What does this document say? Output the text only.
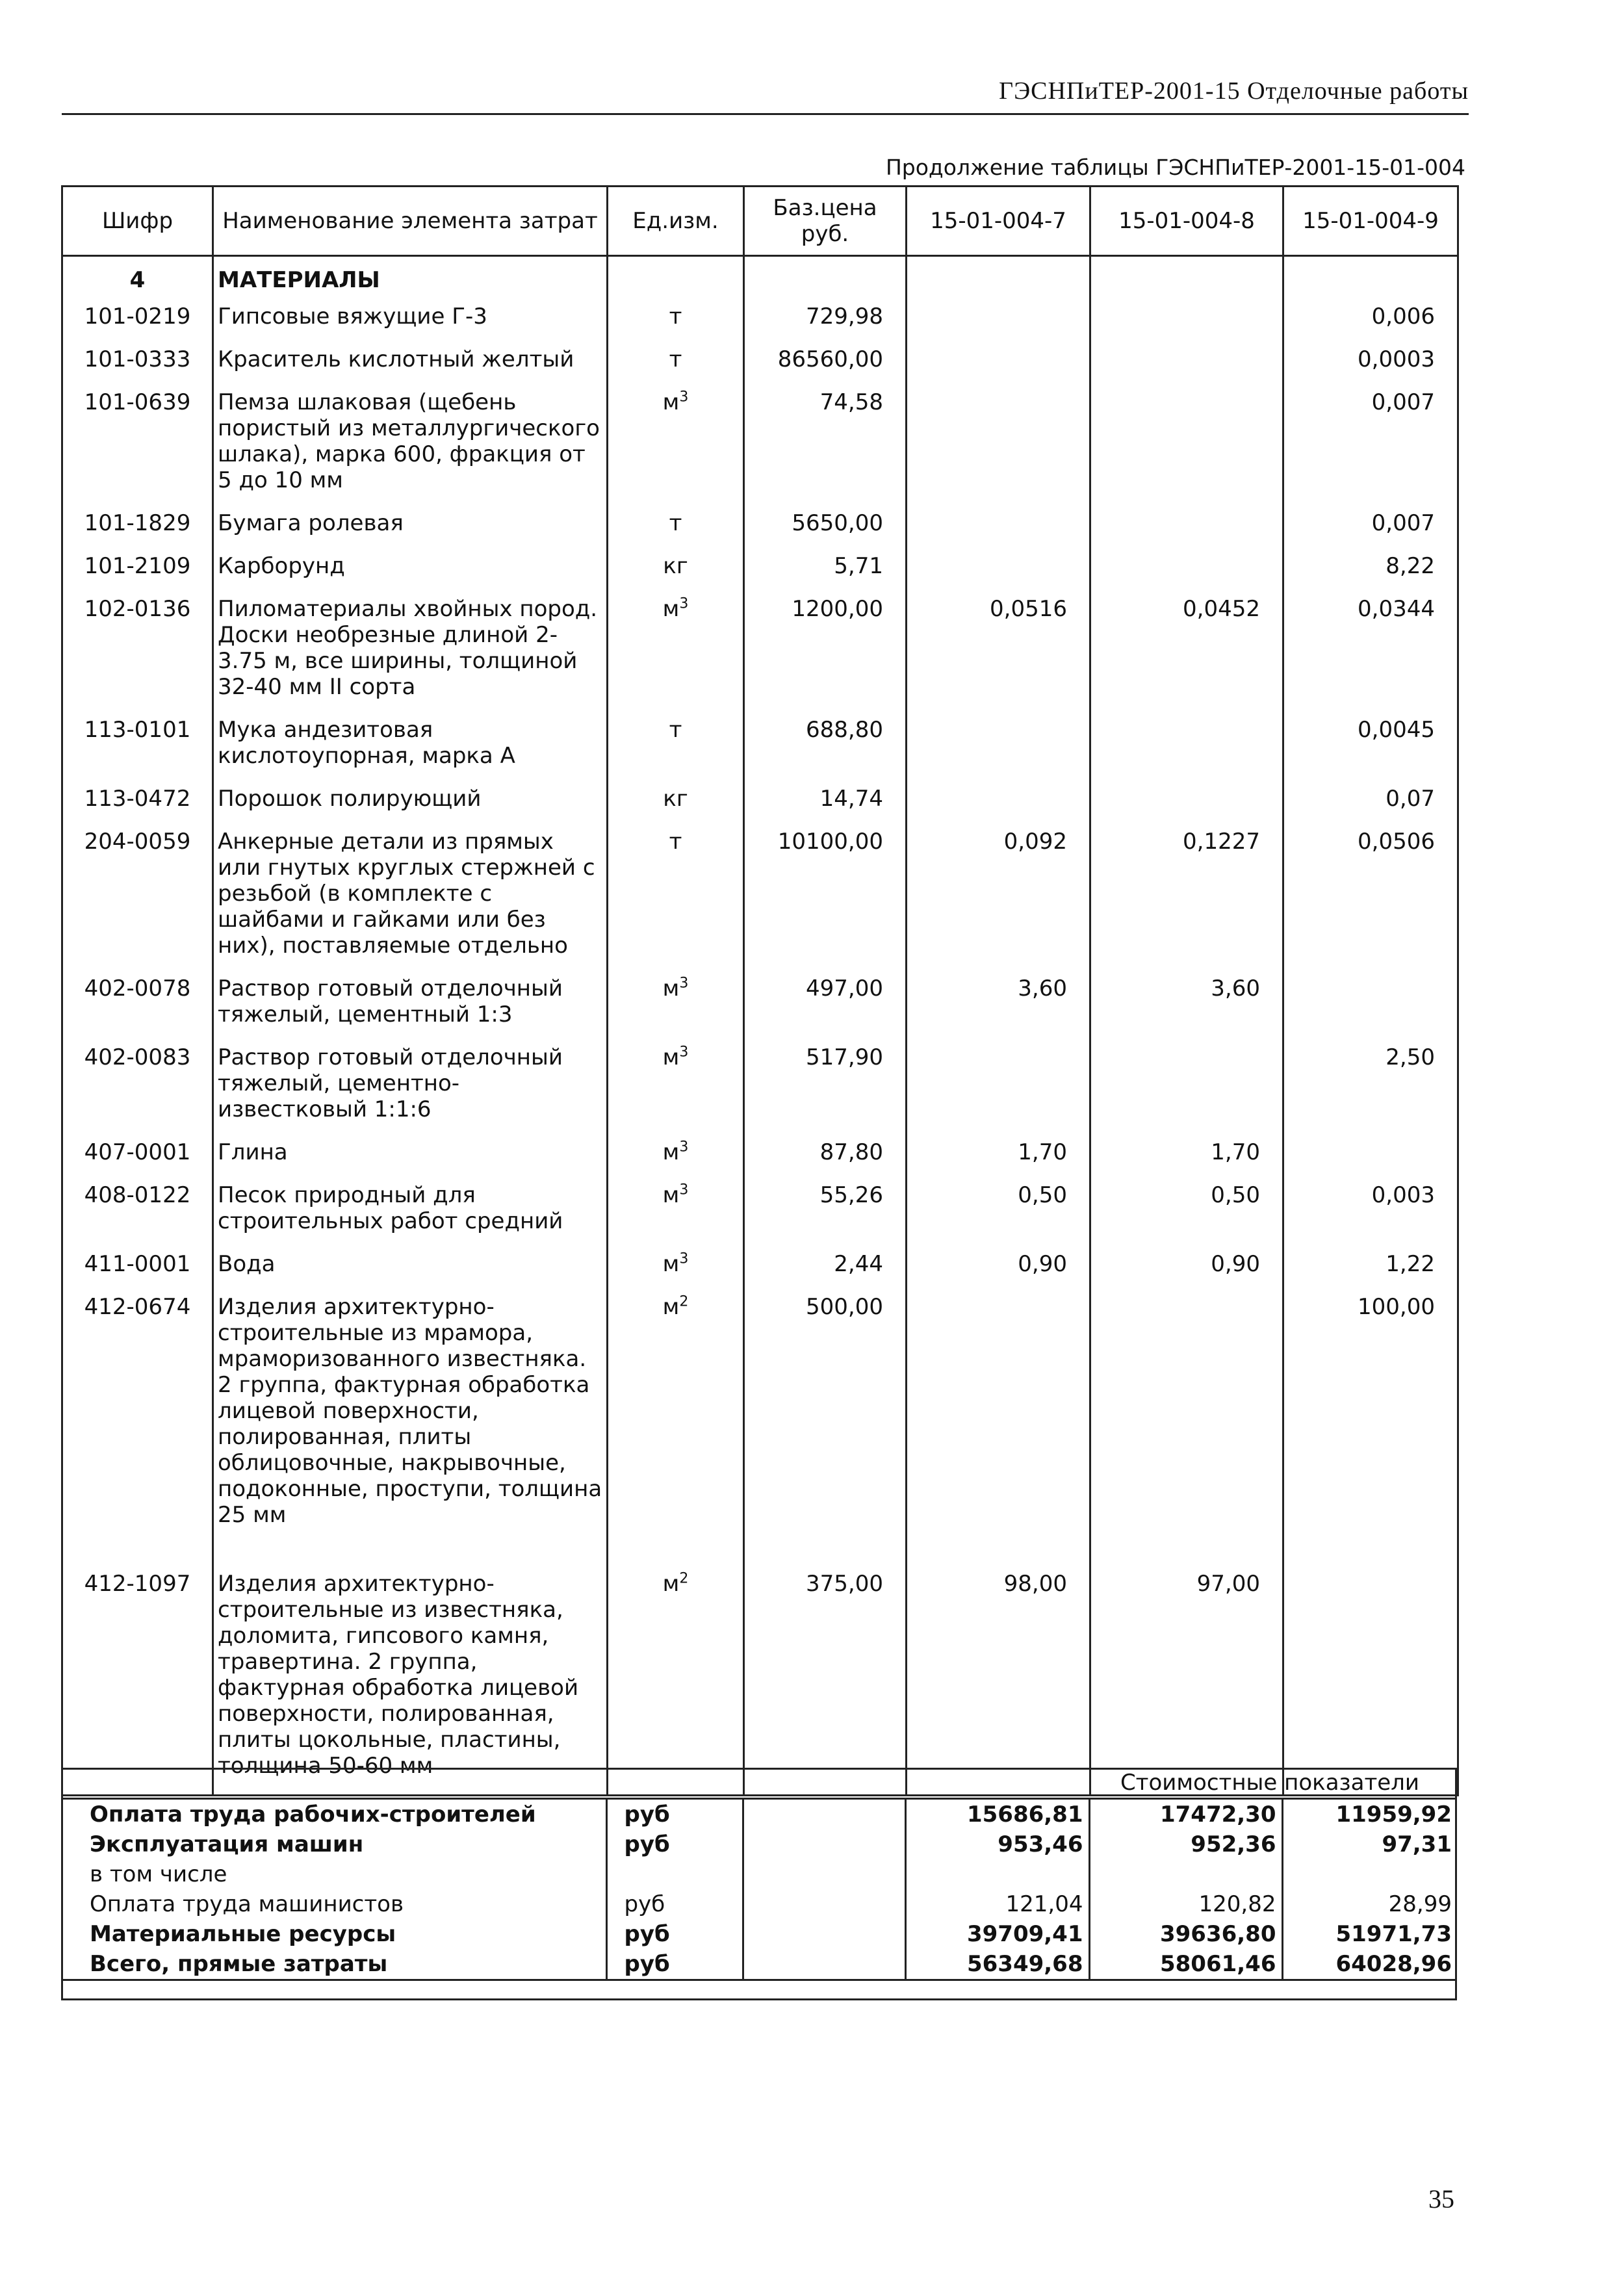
ГЭСНПиТЕР-2001-15 Отделочные работы
Продолжение таблицы ГЭСНПиТЕР-2001-15-01-004
Шифр	Наименование элемента затрат	Ед.изм.	Баз.цена руб.	15-01-004-7	15-01-004-8	15-01-004-9
4	МАТЕРИАЛЫ					
101-0219	Гипсовые вяжущие Г-3	т	729,98			0,006
101-0333	Краситель кислотный желтый	т	86560,00			0,0003
101-0639	Пемза шлаковая (щебень пористый из металлургического шлака), марка 600, фракция от 5 до 10 мм	$м^3$	74,58			0,007
101-1829	Бумага ролевая	т	5650,00			0,007
101-2109	Карборунд	кг	5,71			8,22
102-0136	Пиломатериалы хвойных пород. Доски необрезные длиной 2-3.75 м, все ширины, толщиной 32-40 мм II сорта	$м^3$	1200,00	0,0516	0,0452	0,0344
113-0101	Мука андезитовая кислотоупорная, марка А	т	688,80			0,0045
113-0472	Порошок полирующий	кг	14,74			0,07
204-0059	Анкерные детали из прямых или гнутых круглых стержней с резьбой (в комплекте с шайбами и гайками или без них), поставляемые отдельно	т	10100,00	0,092	0,1227	0,0506
402-0078	Раствор готовый отделочный тяжелый, цементный 1:3	$м^3$	497,00	3,60	3,60	
402-0083	Раствор готовый отделочный тяжелый, цементно-известковый 1:1:6	$м^3$	517,90			2,50
407-0001	Глина	$м^3$	87,80	1,70	1,70	
408-0122	Песок природный для строительных работ средний	$м^3$	55,26	0,50	0,50	0,003
411-0001	Вода	$м^3$	2,44	0,90	0,90	1,22
412-0674	Изделия архитектурно-строительные из мрамора, мраморизованного известняка. 2 группа, фактурная обработка лицевой поверхности, полированная, плиты облицовочные, накрывочные, подоконные, проступи, толщина 25 мм	$м^2$	500,00			100,00
412-1097	Изделия архитектурно-строительные из известняка, доломита, гипсового камня, травертина. 2 группа, фактурная обработка лицевой поверхности, полированная, плиты цокольные, пластины, толщина 50-60 мм	$м^2$	375,00	98,00	97,00	
Стоимостные показатели					
Оплата труда рабочих-строителей	руб		15686,81	17472,30	11959,92
Эксплуатация машин	руб		953,46	952,36	97,31
в том числе					
Оплата труда машинистов	руб		121,04	120,82	28,99
Материальные ресурсы	руб		39709,41	39636,80	51971,73
Всего, прямые затраты	руб		56349,68	58061,46	64028,96
35
